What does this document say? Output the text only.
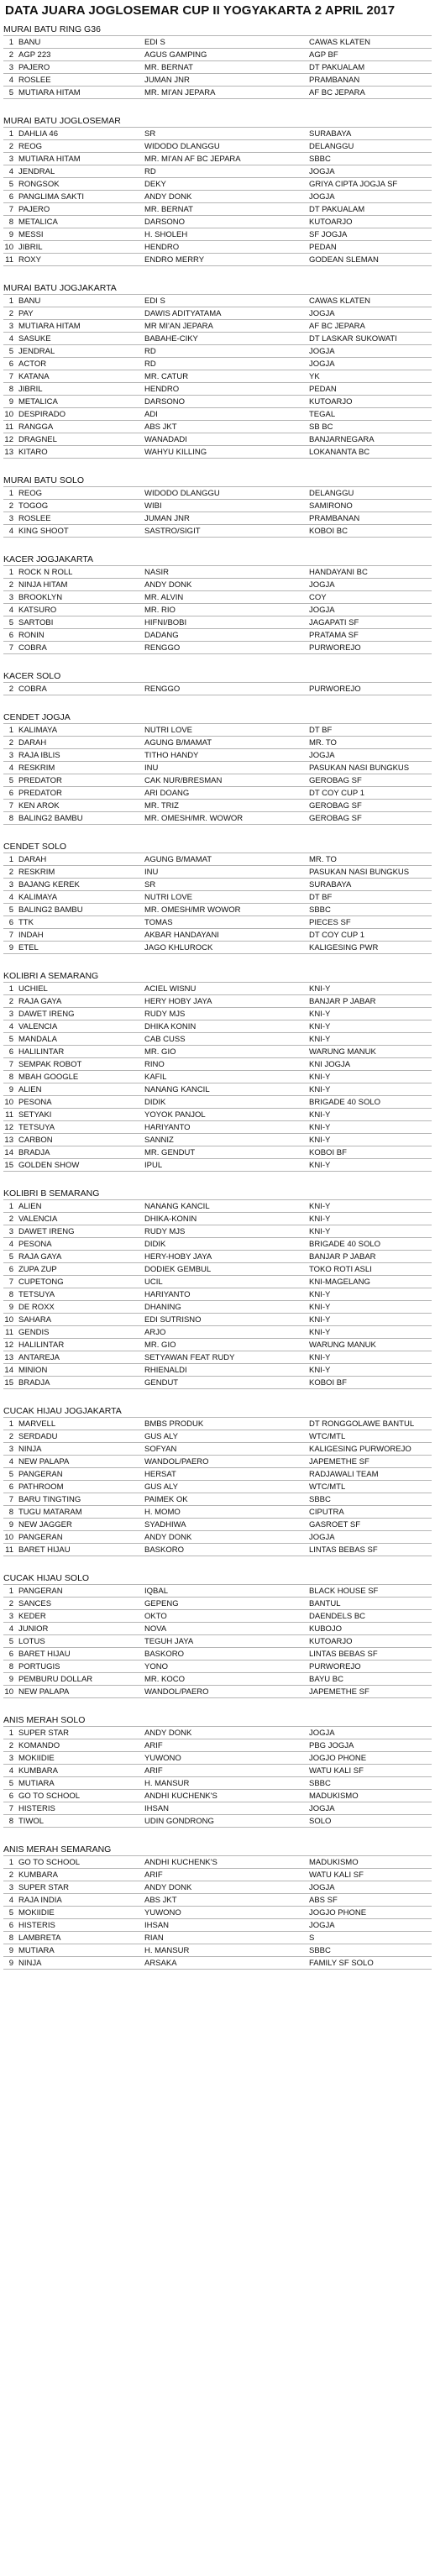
DATA JUARA JOGLOSEMAR CUP II YOGYAKARTA 2 APRIL 2017
MURAI BATU RING G36
1 BANU	EDI S	CAWAS KLATEN
2 AGP 223	AGUS GAMPING	AGP BF
3 PAJERO	MR. BERNAT	DT PAKUALAM
4 ROSLEE	JUMAN JNR	PRAMBANAN
5 MUTIARA HITAM	MR. MI'AN JEPARA	AF BC JEPARA
MURAI BATU JOGLOSEMAR
1 DAHLIA 46	SR	SURABAYA
2 REOG	WIDODO DLANGGU	DELANGGU
3 MUTIARA HITAM	MR. MI'AN AF BC JEPARA	SBBC
4 JENDRAL	RD	JOGJA
5 RONGSOK	DEKY	GRIYA CIPTA JOGJA SF
6 PANGLIMA SAKTI	ANDY DONK	JOGJA
7 PAJERO	MR. BERNAT	DT PAKUALAM
8 METALICA	DARSONO	KUTOARJO
9 MESSI	H. SHOLEH	SF JOGJA
10 JIBRIL	HENDRO	PEDAN
11 ROXY	ENDRO MERRY	GODEAN SLEMAN
MURAI BATU JOGJAKARTA
1 BANU	EDI S	CAWAS KLATEN
2 PAY	DAWIS ADITYATAMA	JOGJA
3 MUTIARA HITAM	MR MI'AN JEPARA	AF BC JEPARA
4 SASUKE	BABAHE-CIKY	DT LASKAR SUKOWATI
5 JENDRAL	RD	JOGJA
6 ACTOR	RD	JOGJA
7 KATANA	MR. CATUR	YK
8 JIBRIL	HENDRO	PEDAN
9 METALICA	DARSONO	KUTOARJO
10 DESPIRADO	ADI	TEGAL
11 RANGGA	ABS JKT	SB BC
12 DRAGNEL	WANADADI	BANJARNEGARA
13 KITARO	WAHYU KILLING	LOKANANTA BC
MURAI BATU SOLO
1 REOG	WIDODO DLANGGU	DELANGGU
2 TOGOG	WIBI	SAMIRONO
3 ROSLEE	JUMAN JNR	PRAMBANAN
4 KING SHOOT	SASTRO/SIGIT	KOBOI BC
KACER JOGJAKARTA
1 ROCK N ROLL	NASIR	HANDAYANI BC
2 NINJA HITAM	ANDY DONK	JOGJA
3 BROOKLYN	MR. ALVIN	COY
4 KATSURO	MR. RIO	JOGJA
5 SARTOBI	HIFNI/BOBI	JAGAPATI SF
6 RONIN	DADANG	PRATAMA SF
7 COBRA	RENGGO	PURWOREJO
KACER SOLO
2 COBRA	RENGGO	PURWOREJO
CENDET JOGJA
1 KALIMAYA	NUTRI LOVE	DT BF
2 DARAH	AGUNG B/MAMAT	MR. TO
3 RAJA IBLIS	TITHO HANDY	JOGJA
4 RESKRIM	INU	PASUKAN NASI BUNGKUS
5 PREDATOR	CAK NUR/BRESMAN	GEROBAG SF
6 PREDATOR	ARI DOANG	DT COY CUP 1
7 KEN AROK	MR. TRIZ	GEROBAG SF
8 BALING2 BAMBU	MR. OMESH/MR. WOWOR	GEROBAG SF
CENDET SOLO
1 DARAH	AGUNG B/MAMAT	MR. TO
2 RESKRIM	INU	PASUKAN NASI BUNGKUS
3 BAJANG KEREK	SR	SURABAYA
4 KALIMAYA	NUTRI LOVE	DT BF
5 BALING2 BAMBU	MR. OMESH/MR WOWOR	SBBC
6 TTK	TOMAS	PIECES SF
7 INDAH	AKBAR HANDAYANI	DT COY CUP 1
9 ETEL	JAGO KHLUROCK	KALIGESING PWR
KOLIBRI A SEMARANG
1 UCHIEL	ACIEL WISNU	KNI-Y
2 RAJA GAYA	HERY HOBY JAYA	BANJAR P JABAR
3 DAWET IRENG	RUDY MJS	KNI-Y
4 VALENCIA	DHIKA KONIN	KNI-Y
5 MANDALA	CAB CUSS	KNI-Y
6 HALILINTAR	MR. GIO	WARUNG MANUK
7 SEMPAK ROBOT	RINO	KNI JOGJA
8 MBAH GOOGLE	KAFIL	KNI-Y
9 ALIEN	NANANG KANCIL	KNI-Y
10 PESONA	DIDIK	BRIGADE 40 SOLO
11 SETYAKI	YOYOK PANJOL	KNI-Y
12 TETSUYA	HARIYANTO	KNI-Y
13 CARBON	SANNIZ	KNI-Y
14 BRADJA	MR. GENDUT	KOBOI BF
15 GOLDEN SHOW	IPUL	KNI-Y
KOLIBRI B SEMARANG
1 ALIEN	NANANG KANCIL	KNI-Y
2 VALENCIA	DHIKA-KONIN	KNI-Y
3 DAWET IRENG	RUDY MJS	KNI-Y
4 PESONA	DIDIK	BRIGADE 40 SOLO
5 RAJA GAYA	HERY-HOBY JAYA	BANJAR P JABAR
6 ZUPA ZUP	DODIEK GEMBUL	TOKO ROTI ASLI
7 CUPETONG	UCIL	KNI-MAGELANG
8 TETSUYA	HARIYANTO	KNI-Y
9 DE ROXX	DHANING	KNI-Y
10 SAHARA	EDI SUTRISNO	KNI-Y
11 GENDIS	ARJO	KNI-Y
12 HALILINTAR	MR. GIO	WARUNG MANUK
13 ANTAREJA	SETYAWAN FEAT RUDY	KNI-Y
14 MINION	RHIENALDI	KNI-Y
15 BRADJA	GENDUT	KOBOI BF
CUCAK HIJAU JOGJAKARTA
1 MARVELL	BMBS PRODUK	DT RONGGOLAWE BANTUL
2 SERDADU	GUS ALY	WTC/MTL
3 NINJA	SOFYAN	KALIGESING PURWOREJO
4 NEW PALAPA	WANDOL/PAERO	JAPEMETHE SF
5 PANGERAN	HERSAT	RADJAWALI TEAM
6 PATHROOM	GUS ALY	WTC/MTL
7 BARU TINGTING	PAIMEK OK	SBBC
8 TUGU MATARAM	H. MOMO	CIPUTRA
9 NEW JAGGER	SYADHIWA	GASROET SF
10 PANGERAN	ANDY DONK	JOGJA
11 BARET HIJAU	BASKORO	LINTAS BEBAS SF
CUCAK HIJAU SOLO
1 PANGERAN	IQBAL	BLACK HOUSE SF
2 SANCES	GEPENG	BANTUL
3 KEDER	OKTO	DAENDELS BC
4 JUNIOR	NOVA	KUBOJO
5 LOTUS	TEGUH JAYA	KUTOARJO
6 BARET HIJAU	BASKORO	LINTAS BEBAS SF
8 PORTUGIS	YONO	PURWOREJO
9 PEMBURU DOLLAR	MR. KOCO	BAYU BC
10 NEW PALAPA	WANDOL/PAERO	JAPEMETHE SF
ANIS MERAH SOLO
1 SUPER STAR	ANDY DONK	JOGJA
2 KOMANDO	ARIF	PBG JOGJA
3 MOKIIDIE	YUWONO	JOGJO PHONE
4 KUMBARA	ARIF	WATU KALI SF
5 MUTIARA	H. MANSUR	SBBC
6 GO TO SCHOOL	ANDHI KUCHENK'S	MADUKISMO
7 HISTERIS	IHSAN	JOGJA
8 TIWOL	UDIN GONDRONG	SOLO
ANIS MERAH SEMARANG
1 GO TO SCHOOL	ANDHI KUCHENK'S	MADUKISMO
2 KUMBARA	ARIF	WATU KALI SF
3 SUPER STAR	ANDY DONK	JOGJA
4 RAJA INDIA	ABS JKT	ABS SF
5 MOKIIDIE	YUWONO	JOGJO PHONE
6 HISTERIS	IHSAN	JOGJA
8 LAMBRETA	RIAN	S
9 MUTIARA	H. MANSUR	SBBC
9 NINJA	ARSAKA	FAMILY SF SOLO
